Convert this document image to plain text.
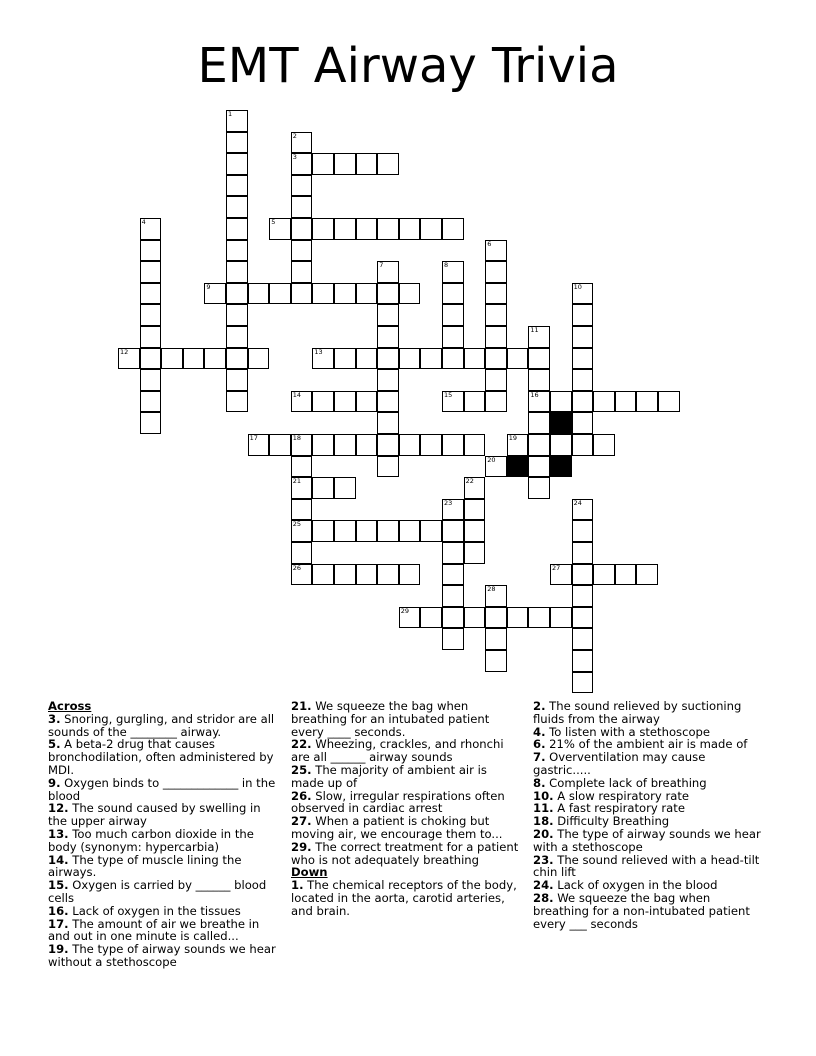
EMT Airway Trivia
1
2
3
4	5
6
7	8
9	10
11
16
12	13
14	15
17	18
21
25
26
19
20
22
23	24
27
28
29

Across

3. Snoring, gurgling, and stridor are all sounds of the ________ airway.

5. A beta-2 drug that causes bronchodilation, often administered by MDI.

9. Oxygen binds to _____________ in the blood

12. The sound caused by swelling in the upper airway

13. Too much carbon dioxide in the body (synonym: hypercarbia)

14. The type of muscle lining the airways.

15. Oxygen is carried by ______ blood cells

16. Lack of oxygen in the tissues

17. The amount of air we breathe in and out in one minute is called...

19. The type of airway sounds we hear without a stethoscope

21. We squeeze the bag when breathing for an intubated patient every ____ seconds.

22. Wheezing, crackles, and rhonchi are all ______ airway sounds

25. The majority of ambient air is made up of

26. Slow, irregular respirations often observed in cardiac arrest

27. When a patient is choking but moving air, we encourage them to...

29. The correct treatment for a patient who is not adequately breathing

Down

1. The chemical receptors of the body, located in the aorta, carotid arteries, and brain.

2. The sound relieved by suctioning fluids from the airway

4. To listen with a stethoscope

6. 21% of the ambient air is made of

7. Overventilation may cause gastric.....

8. Complete lack of breathing

10. A slow respiratory rate

11. A fast respiratory rate

18. Difficulty Breathing

20. The type of airway sounds we hear with a stethoscope

23. The sound relieved with a head-tilt chin lift

24. Lack of oxygen in the blood

28. We squeeze the bag when breathing for a non-intubated patient every ___ seconds
